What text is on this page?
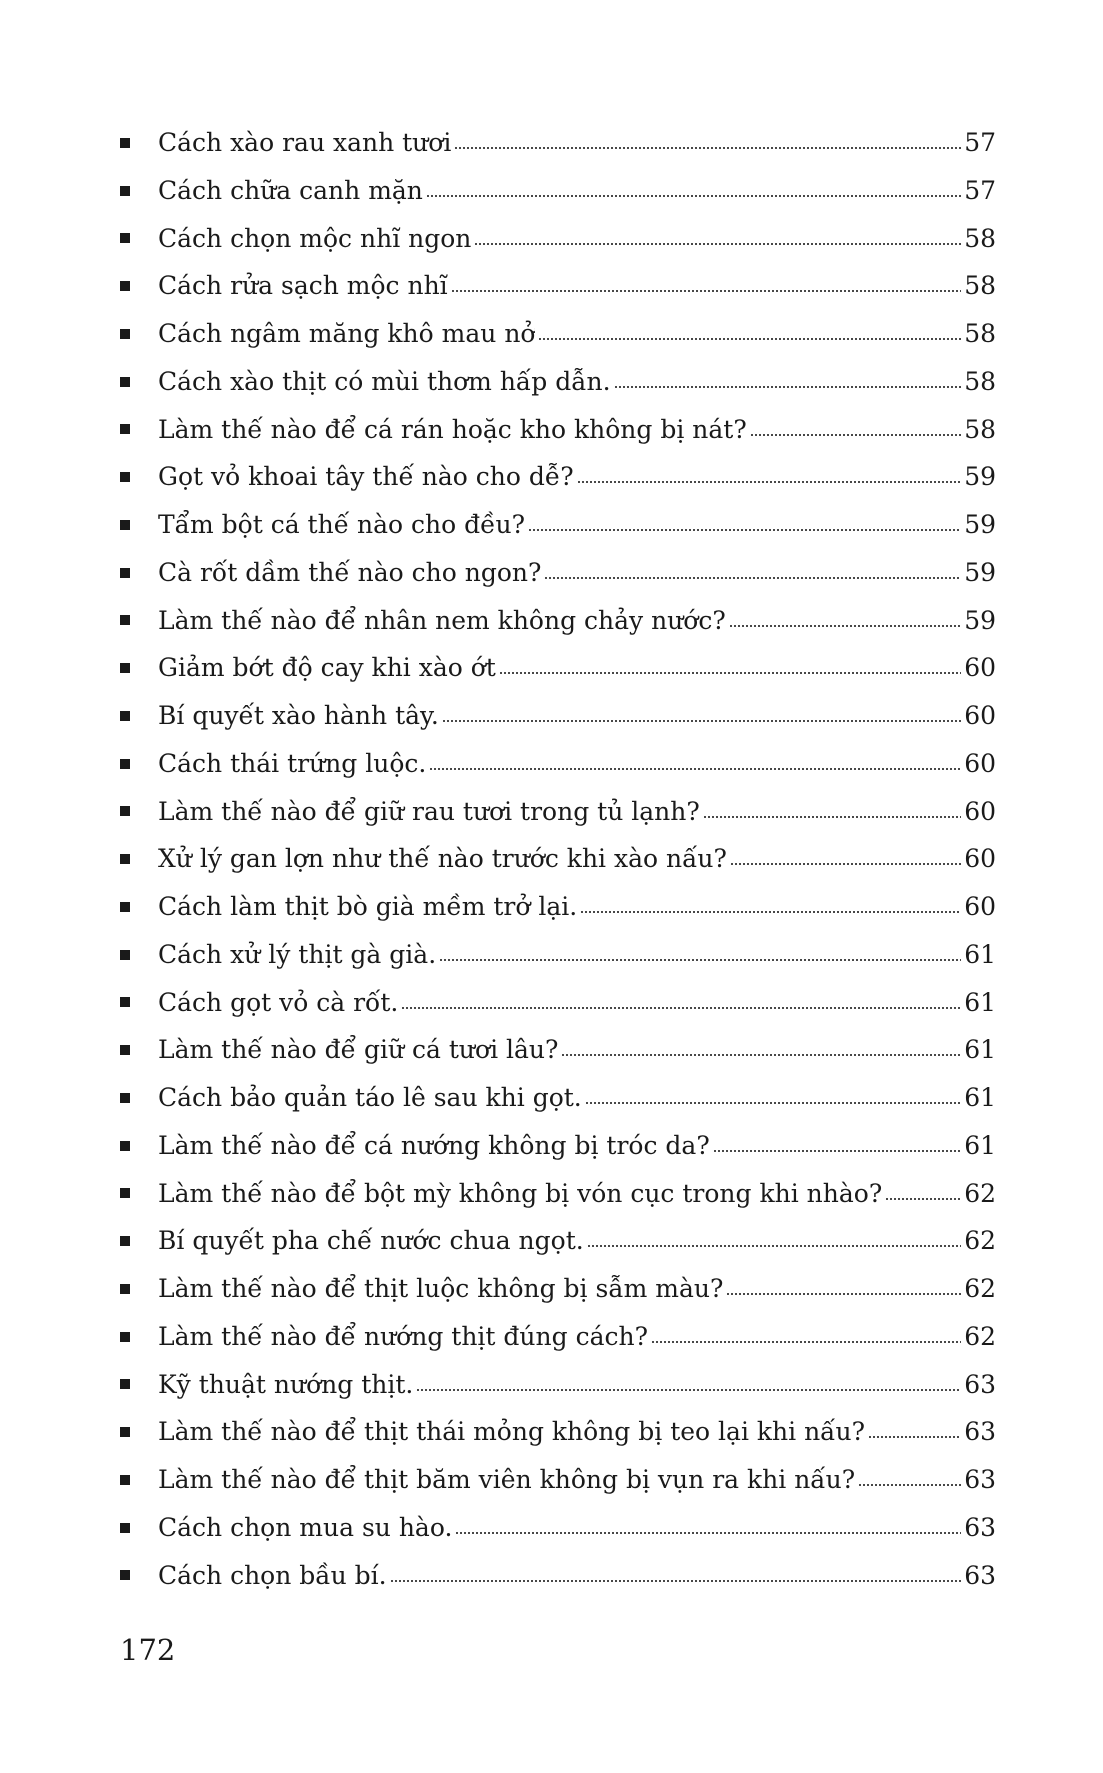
Cách xào rau xanh tươi	57
Cách chữa canh mặn	57
Cách chọn mộc nhĩ ngon	58
Cách rửa sạch mộc nhĩ	58
Cách ngâm măng khô mau nở	58
Cách xào thịt có mùi thơm hấp dẫn.	58
Làm thế nào để cá rán hoặc kho không bị nát?	58
Gọt vỏ khoai tây thế nào cho dễ?	59
Tẩm bột cá thế nào cho đều?	59
Cà rốt dầm thế nào cho ngon?	59
Làm thế nào để nhân nem không chảy nước?	59
Giảm bớt độ cay khi xào ớt	60
Bí quyết xào hành tây.	60
Cách thái trứng luộc.	60
Làm thế nào để giữ rau tươi trong tủ lạnh?	60
Xử lý gan lợn như thế nào trước khi xào nấu?	60
Cách làm thịt bò già mềm trở lại.	60
Cách xử lý thịt gà già.	61
Cách gọt vỏ cà rốt.	61
Làm thế nào để giữ cá tươi lâu?	61
Cách bảo quản táo lê sau khi gọt.	61
Làm thế nào để cá nướng không bị tróc da?	61
Làm thế nào để bột mỳ không bị vón cục trong khi nhào?	62
Bí quyết pha chế nước chua ngọt.	62
Làm thế nào để thịt luộc không bị sẫm màu?	62
Làm thế nào để nướng thịt đúng cách?	62
Kỹ thuật nướng thịt.	63
Làm thế nào để thịt thái mỏng không bị teo lại khi nấu?	63
Làm thế nào để thịt băm viên không bị vụn ra khi nấu?	63
Cách chọn mua su hào.	63
Cách chọn bầu bí.	63
172
